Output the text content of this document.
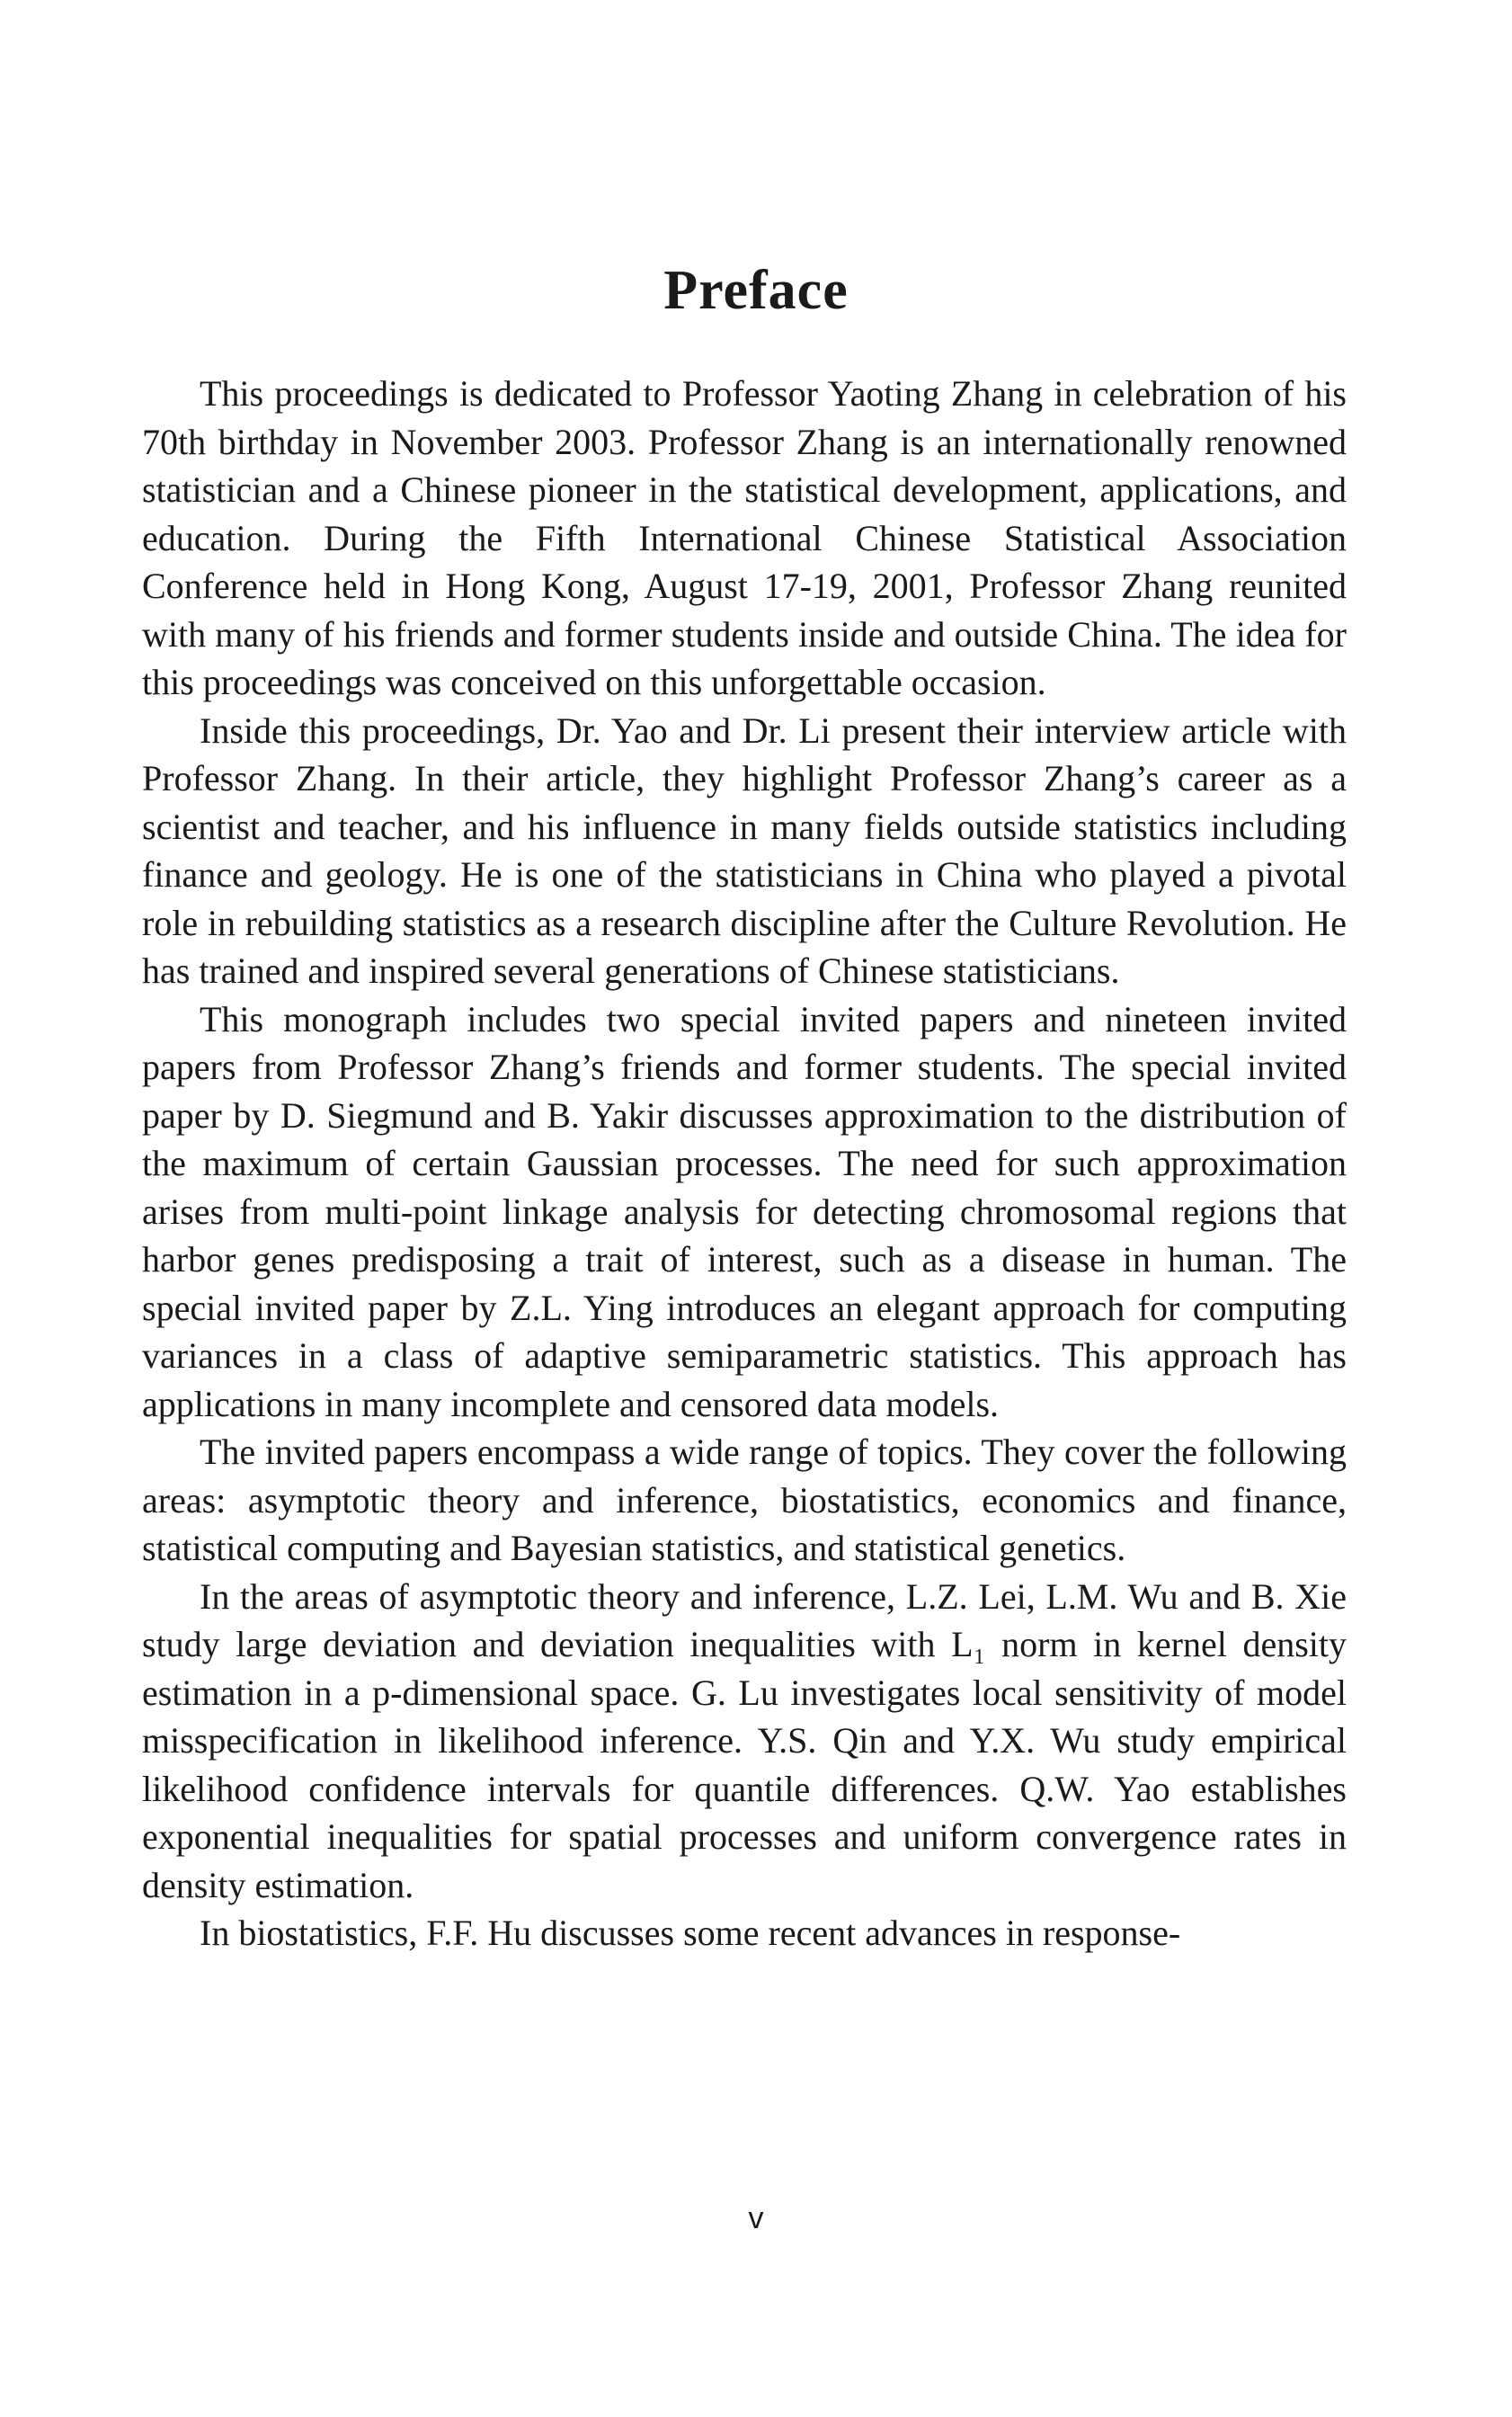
Preface

This proceedings is dedicated to Professor Yaoting Zhang in celebration of his 70th birthday in November 2003. Professor Zhang is an internationally renowned statistician and a Chinese pioneer in the statistical development, applications, and education. During the Fifth International Chinese Statistical Association Conference held in Hong Kong, August 17-19, 2001, Professor Zhang reunited with many of his friends and former students inside and outside China. The idea for this proceedings was conceived on this unforgettable occasion.

Inside this proceedings, Dr. Yao and Dr. Li present their interview article with Professor Zhang. In their article, they highlight Professor Zhang’s career as a scientist and teacher, and his influence in many fields outside statistics including finance and geology. He is one of the statisticians in China who played a pivotal role in rebuilding statistics as a research discipline after the Culture Revolution. He has trained and inspired several generations of Chinese statisticians.

This monograph includes two special invited papers and nineteen invited papers from Professor Zhang’s friends and former students. The special invited paper by D. Siegmund and B. Yakir discusses approximation to the distribution of the maximum of certain Gaussian processes. The need for such approximation arises from multi-point linkage analysis for detecting chromosomal regions that harbor genes predisposing a trait of interest, such as a disease in human. The special invited paper by Z.L. Ying introduces an elegant approach for computing variances in a class of adaptive semiparametric statistics. This approach has applications in many incomplete and censored data models.

The invited papers encompass a wide range of topics. They cover the following areas: asymptotic theory and inference, biostatistics, economics and finance, statistical computing and Bayesian statistics, and statistical genetics.

In the areas of asymptotic theory and inference, L.Z. Lei, L.M. Wu and B. Xie study large deviation and deviation inequalities with L₁ norm in kernel density estimation in a p-dimensional space. G. Lu investigates local sensitivity of model misspecification in likelihood inference. Y.S. Qin and Y.X. Wu study empirical likelihood confidence intervals for quantile differences. Q.W. Yao establishes exponential inequalities for spatial processes and uniform convergence rates in density estimation.

In biostatistics, F.F. Hu discusses some recent advances in response-

v
